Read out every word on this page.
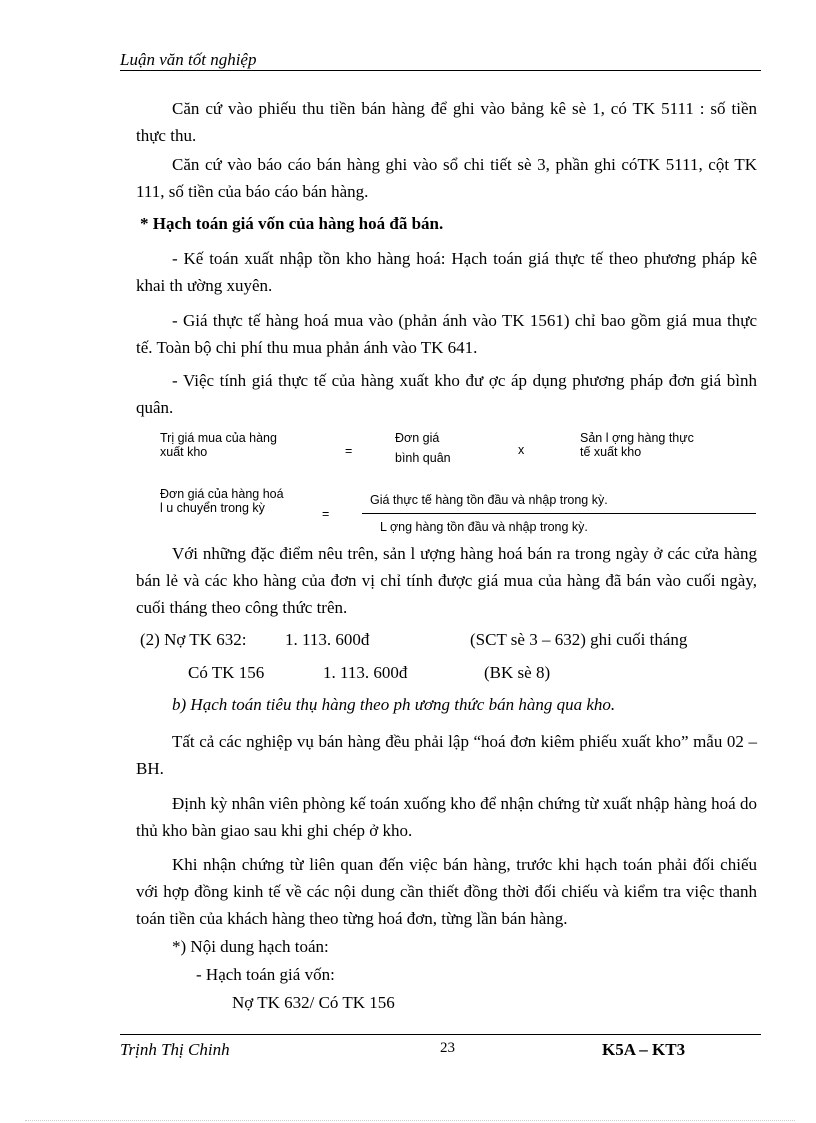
Luận văn tốt nghiệp
Căn cứ vào phiếu thu tiền bán hàng để ghi vào bảng kê sè 1, có TK 5111 : số tiền thực thu.
Căn cứ vào báo cáo bán hàng ghi vào sổ chi tiết sè 3, phần ghi cóTK 5111, cột TK 111, số tiền của báo cáo bán hàng.
* Hạch toán giá vốn của hàng hoá đã bán.
- Kế toán xuất nhập tồn kho hàng hoá: Hạch toán giá thực tế theo phương pháp kê khai th ường xuyên.
- Giá thực tế hàng hoá mua vào (phản ánh vào TK 1561) chỉ bao gồm giá mua thực tế. Toàn bộ chi phí thu mua phản ánh vào TK 641.
- Việc tính giá thực tế của hàng xuất kho đư ợc áp dụng phương pháp đơn giá bình quân.
Trị giá mua của hàng
xuất kho	=
Đơn giá
bình quân
x
Sản l ợng hàng thực
tế xuất kho
Đơn giá của hàng hoá
l u chuyển trong kỳ	=
Giá thực tế hàng tồn đầu và nhập trong kỳ.
L ợng hàng tồn đầu và nhập trong kỳ.
Với những đặc điểm nêu trên, sản l ượng hàng hoá bán ra trong ngày ở các cửa hàng bán lẻ và các kho hàng của đơn vị chỉ tính được giá mua của hàng đã bán vào cuối ngày, cuối tháng theo công thức trên.
(2) Nợ TK 632: 1. 113. 600đ	(SCT sè 3 – 632) ghi cuối tháng
Có TK 156	1. 113. 600đ	(BK sè 8)
b) Hạch toán tiêu thụ hàng theo ph ương thức bán hàng qua kho.
Tất cả các nghiệp vụ bán hàng đều phải lập “hoá đơn kiêm phiếu xuất kho” mẫu 02 – BH.
Định kỳ nhân viên phòng kế toán xuống kho để nhận chứng từ xuất nhập hàng hoá do thủ kho bàn giao sau khi ghi chép ở kho.
Khi nhận chứng từ liên quan đến việc bán hàng, trước khi hạch toán phải đối chiếu với hợp đồng kinh tế về các nội dung cần thiết đồng thời đối chiếu và kiểm tra việc thanh toán tiền của khách hàng theo từng hoá đơn, từng lần bán hàng.
*) Nội dung hạch toán:
- Hạch toán giá vốn:
Nợ TK 632/ Có TK 156
Trịnh Thị Chinh	23	K5A – KT3
